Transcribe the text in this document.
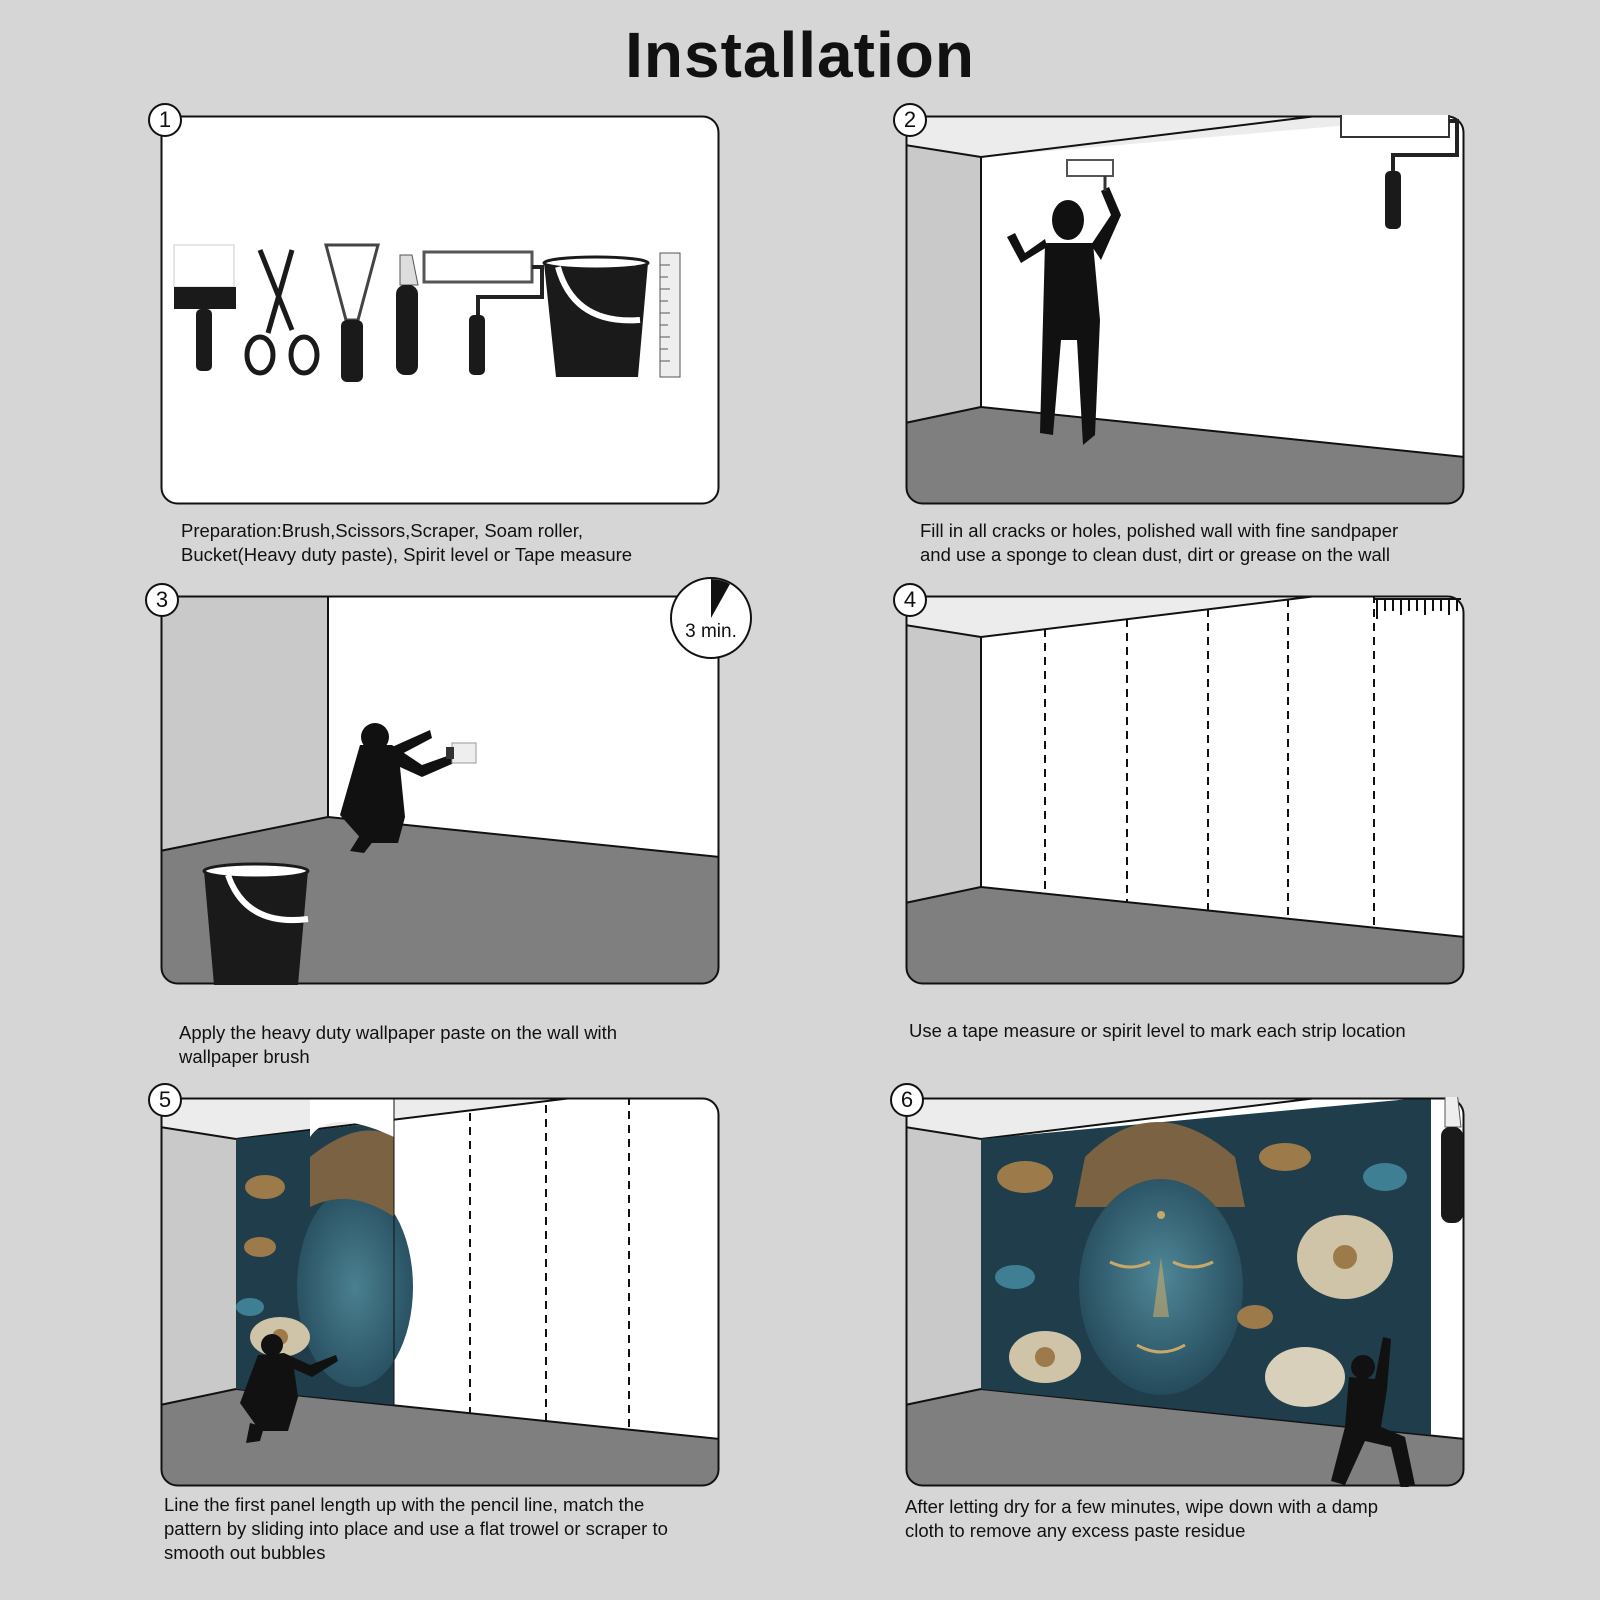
Installation
1
Preparation:Brush,Scissors,Scraper, Soam roller,
Bucket(Heavy duty paste), Spirit level or Tape measure
2
Fill in all cracks or holes, polished wall with fine sandpaper
and use a sponge to clean dust, dirt or grease on the wall
3 min.
3
Apply the heavy duty wallpaper paste on the wall with
wallpaper brush
4
Use a tape measure or spirit level to mark each strip location
5
Line the first panel length up with the pencil line, match the
pattern by sliding into place and use a flat trowel or scraper to
smooth out bubbles
6
After letting dry for a few minutes, wipe down with a damp
cloth to remove any excess paste residue
